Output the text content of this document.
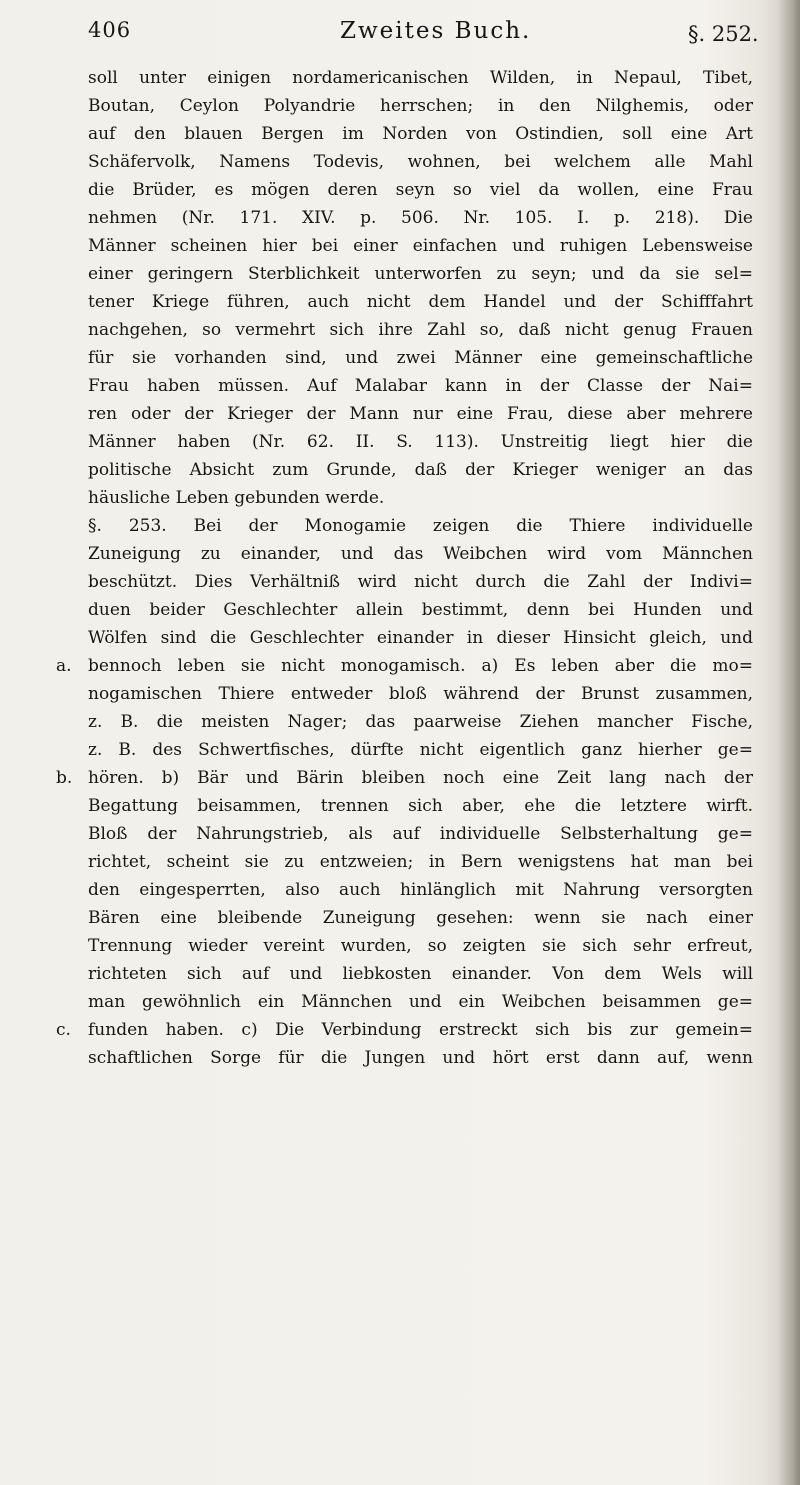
406	Zweites Buch.	§. 252.
a.
b.
c.
soll unter einigen nordamericanischen Wilden, in Nepaul, Tibet,
Boutan, Ceylon Polyandrie herrschen; in den Nilghemis, oder
auf den blauen Bergen im Norden von Ostindien, soll eine Art
Schäfervolk, Namens Todevis, wohnen, bei welchem alle Mahl
die Brüder, es mögen deren seyn so viel da wollen, eine Frau
nehmen (Nr. 171. XIV. p. 506. Nr. 105. I. p. 218). Die
Männer scheinen hier bei einer einfachen und ruhigen Lebensweise
einer geringern Sterblichkeit unterworfen zu seyn; und da sie sel=
tener Kriege führen, auch nicht dem Handel und der Schifffahrt
nachgehen, so vermehrt sich ihre Zahl so, daß nicht genug Frauen
für sie vorhanden sind, und zwei Männer eine gemeinschaftliche
Frau haben müssen. Auf Malabar kann in der Classe der Nai=
ren oder der Krieger der Mann nur eine Frau, diese aber mehrere
Männer haben (Nr. 62. II. S. 113). Unstreitig liegt hier die
politische Absicht zum Grunde, daß der Krieger weniger an das
häusliche Leben gebunden werde.
§. 253. Bei der Monogamie zeigen die Thiere individuelle
Zuneigung zu einander, und das Weibchen wird vom Männchen
beschützt. Dies Verhältniß wird nicht durch die Zahl der Indivi=
duen beider Geschlechter allein bestimmt, denn bei Hunden und
Wölfen sind die Geschlechter einander in dieser Hinsicht gleich, und
bennoch leben sie nicht monogamisch. a) Es leben aber die mo=
nogamischen Thiere entweder bloß während der Brunst zusammen,
z. B. die meisten Nager; das paarweise Ziehen mancher Fische,
z. B. des Schwertfisches, dürfte nicht eigentlich ganz hierher ge=
hören. b) Bär und Bärin bleiben noch eine Zeit lang nach der
Begattung beisammen, trennen sich aber, ehe die letztere wirft.
Bloß der Nahrungstrieb, als auf individuelle Selbsterhaltung ge=
richtet, scheint sie zu entzweien; in Bern wenigstens hat man bei
den eingesperrten, also auch hinlänglich mit Nahrung versorgten
Bären eine bleibende Zuneigung gesehen: wenn sie nach einer
Trennung wieder vereint wurden, so zeigten sie sich sehr erfreut,
richteten sich auf und liebkosten einander. Von dem Wels will
man gewöhnlich ein Männchen und ein Weibchen beisammen ge=
funden haben. c) Die Verbindung erstreckt sich bis zur gemein=
schaftlichen Sorge für die Jungen und hört erst dann auf, wenn
